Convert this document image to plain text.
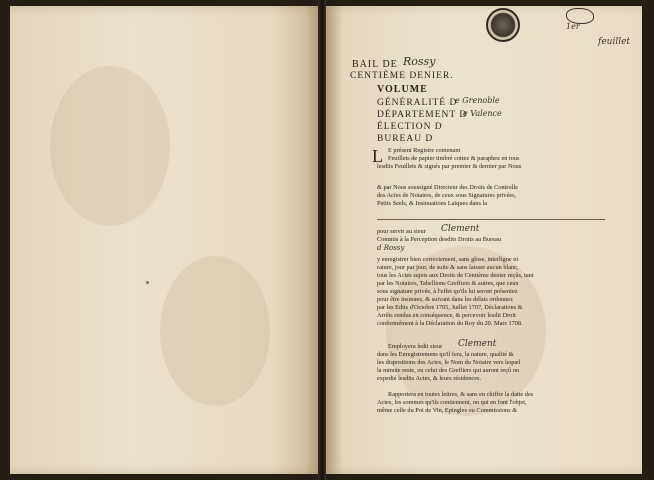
1er
feuillet
BAIL DE Rossy
CENTIÈME DENIER.
VOLUME
GÉNÉRALITÉ D
e Grenoble
DÉPARTEMENT D
e Valence
ÉLECTION D
BUREAU D
L E présent Registre contenant
Feuillets de papier timbré cottez & paraphez en tous
lesdits Feuillets & signés par premier & dernier par Nous
& par Nous soussigné Directeur des Droits de Controlle
des Actes de Notaires, de ceux sous Signatures privées,
Petits Seels, & Insinuations Laïques dans la
pour servir au sieur Clement
Commis à la Perception desdits Droits au Bureau
d Rossy
y enregistrer bien correctement, sans glose, interligne ni
rature, jour par jour, de suite & sans laisser aucun blanc,
tous les Actes sujets aux Droits de Centième denier reçûs, tant
par les Notaires, Tabellions Greffiers & autres, que ceux
sous signature privée, à l'effet qu'ils lui seront présentez
pour être insinuez, & suivant dans les délais ordonnez
par les Edits d'Octobre 1705, Juillet 1707, Déclarations &
Arrêts rendus en conséquence, & percevoir lesdit Droit
conformément à la Déclaration du Roy du 20. Mars 1708.
Employera ledit sieur Clement
dans les Enregistremens qu'il fera, la nature, qualité &
les dispositions des Actes, le Nom du Notaire vers lequel
la minute reste, ou celui des Greffiers qui auront reçû ou
expedié lesdits Actes, & leurs résidences.
Rapportera en toutes lettres, & sans en chiffre la datte des
Actes, les sommes qu'ils contiennent, ou qui en font l'objet,
même celle du Pot de Vin, Epingles ou Commissions &
